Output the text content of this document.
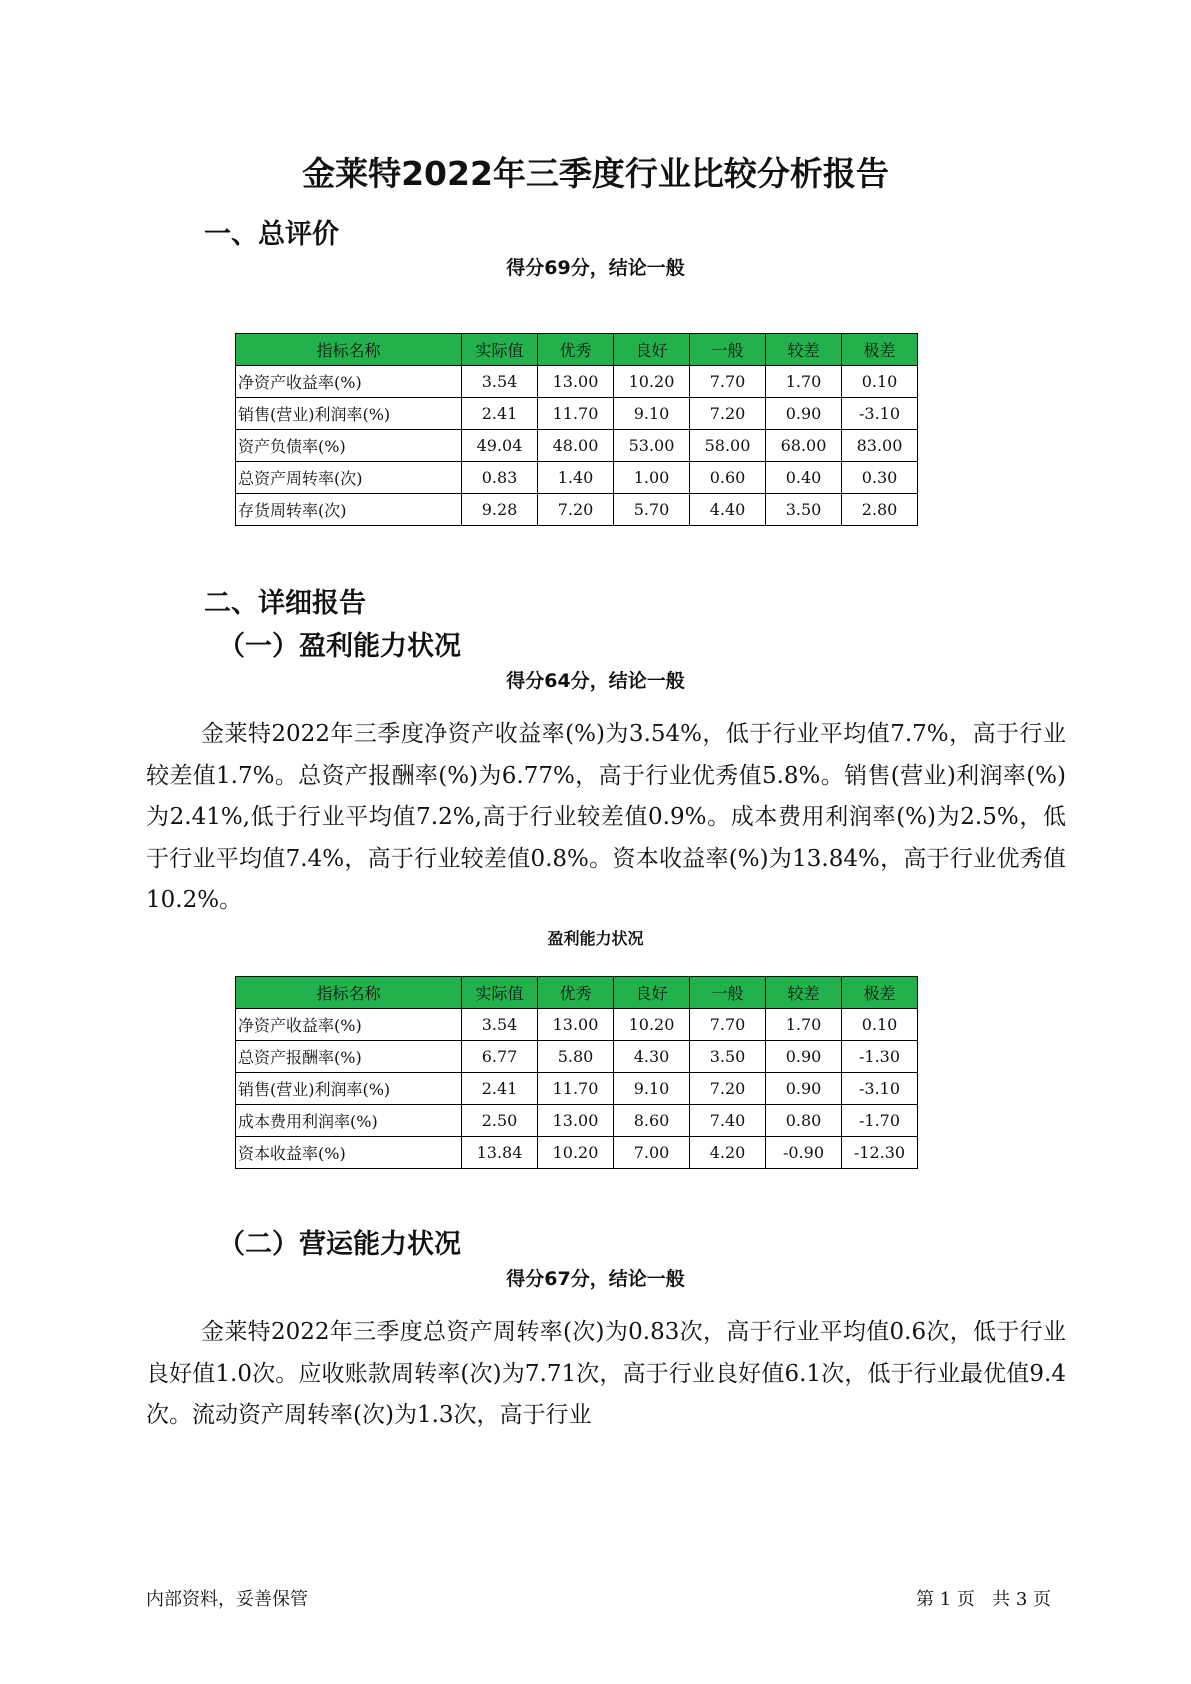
金莱特2022年三季度行业比较分析报告
一、总评价
得分69分，结论一般
指标名称	实际值	优秀	良好	一般	较差	极差
净资产收益率(%)	3.54	13.00	10.20	7.70	1.70	0.10
销售(营业)利润率(%)	2.41	11.70	9.10	7.20	0.90	-3.10
资产负债率(%)	49.04	48.00	53.00	58.00	68.00	83.00
总资产周转率(次)	0.83	1.40	1.00	0.60	0.40	0.30
存货周转率(次)	9.28	7.20	5.70	4.40	3.50	2.80
二、详细报告
（一）盈利能力状况
得分64分，结论一般

金莱特2022年三季度净资产收益率(%)为3.54%，低于行业平均值7.7%，高于行业较差值1.7%。总资产报酬率(%)为6.77%，高于行业优秀值5.8%。销售(营业)利润率(%)为2.41%,低于行业平均值7.2%,高于行业较差值0.9%。成本费用利润率(%)为2.5%，低于行业平均值7.4%，高于行业较差值0.8%。资本收益率(%)为13.84%，高于行业优秀值10.2%。

盈利能力状况
指标名称	实际值	优秀	良好	一般	较差	极差
净资产收益率(%)	3.54	13.00	10.20	7.70	1.70	0.10
总资产报酬率(%)	6.77	5.80	4.30	3.50	0.90	-1.30
销售(营业)利润率(%)	2.41	11.70	9.10	7.20	0.90	-3.10
成本费用利润率(%)	2.50	13.00	8.60	7.40	0.80	-1.70
资本收益率(%)	13.84	10.20	7.00	4.20	-0.90	-12.30
（二）营运能力状况
得分67分，结论一般

金莱特2022年三季度总资产周转率(次)为0.83次，高于行业平均值0.6次，低于行业良好值1.0次。应收账款周转率(次)为7.71次，高于行业良好值6.1次，低于行业最优值9.4次。流动资产周转率(次)为1.3次，高于行业

内部资料，妥善保管	第 1 页   共 3 页
